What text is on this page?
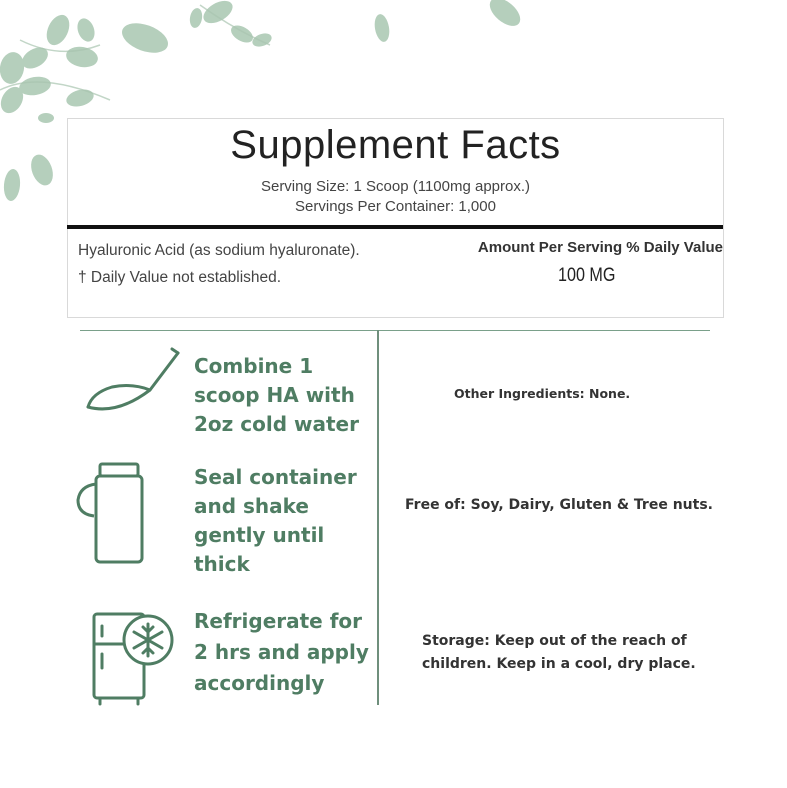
Supplement Facts
Serving Size: 1 Scoop (1100mg approx.)
Servings Per Container: 1,000
Hyaluronic Acid (as sodium hyaluronate).
† Daily Value not established.
Amount Per Serving % Daily Value
100 MG
Combine 1
scoop HA with
2oz cold water
Seal container
and shake
gently until
thick
Refrigerate for
2 hrs and apply
accordingly
Other Ingredients: None.
Free of: Soy, Dairy, Gluten & Tree nuts.
Storage: Keep out of the reach of
children. Keep in a cool, dry place.
